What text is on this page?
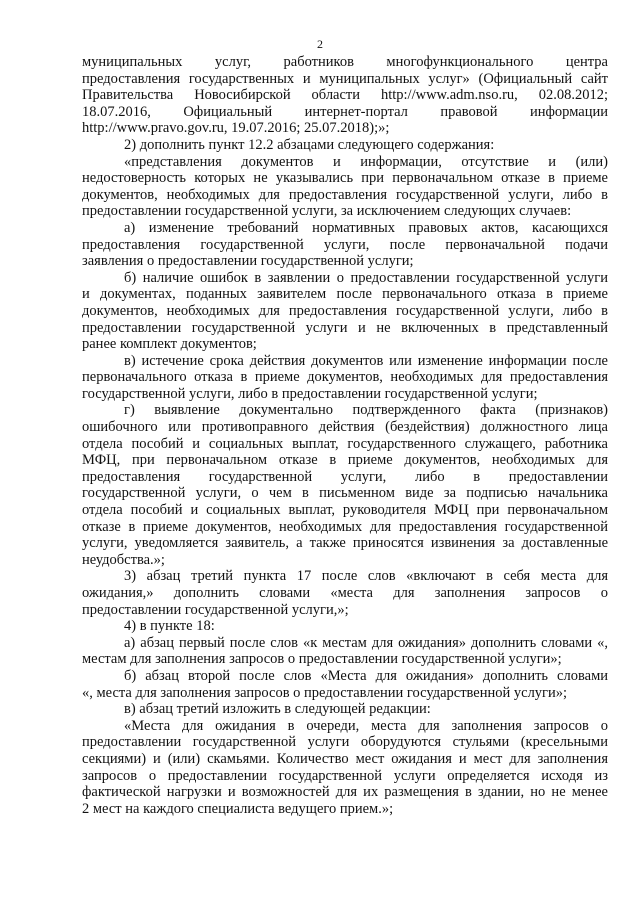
2
муниципальных услуг, работников многофункционального центра
предоставления государственных и муниципальных услуг» (Официальный сайт
Правительства Новосибирской области http://www.adm.nso.ru, 02.08.2012;
18.07.2016, Официальный интернет-портал правовой информации
http://www.pravo.gov.ru, 19.07.2016; 25.07.2018);»;
2) дополнить пункт 12.2 абзацами следующего содержания:
«представления документов и информации, отсутствие и (или)
недостоверность которых не указывались при первоначальном отказе в приеме
документов, необходимых для предоставления государственной услуги, либо в
предоставлении государственной услуги, за исключением следующих случаев:
а) изменение требований нормативных правовых актов, касающихся
предоставления государственной услуги, после первоначальной подачи
заявления о предоставлении государственной услуги;
б) наличие ошибок в заявлении о предоставлении государственной услуги
и документах, поданных заявителем после первоначального отказа в приеме
документов, необходимых для предоставления государственной услуги, либо в
предоставлении государственной услуги и не включенных в представленный
ранее комплект документов;
в) истечение срока действия документов или изменение информации после
первоначального отказа в приеме документов, необходимых для предоставления
государственной услуги, либо в предоставлении государственной услуги;
г) выявление документально подтвержденного факта (признаков)
ошибочного или противоправного действия (бездействия) должностного лица
отдела пособий и социальных выплат, государственного служащего, работника
МФЦ, при первоначальном отказе в приеме документов, необходимых для
предоставления государственной услуги, либо в предоставлении
государственной услуги, о чем в письменном виде за подписью начальника
отдела пособий и социальных выплат, руководителя МФЦ при первоначальном
отказе в приеме документов, необходимых для предоставления государственной
услуги, уведомляется заявитель, а также приносятся извинения за доставленные
неудобства.»;
3) абзац третий пункта 17 после слов «включают в себя места для
ожидания,» дополнить словами «места для заполнения запросов о
предоставлении государственной услуги,»;
4) в пункте 18:
а) абзац первый после слов «к местам для ожидания» дополнить словами «,
местам для заполнения запросов о предоставлении государственной услуги»;
б) абзац второй после слов «Места для ожидания» дополнить словами
«, места для заполнения запросов о предоставлении государственной услуги»;
в) абзац третий изложить в следующей редакции:
«Места для ожидания в очереди, места для заполнения запросов о
предоставлении государственной услуги оборудуются стульями (кресельными
секциями) и (или) скамьями. Количество мест ожидания и мест для заполнения
запросов о предоставлении государственной услуги определяется исходя из
фактической нагрузки и возможностей для их размещения в здании, но не менее
2 мест на каждого специалиста ведущего прием.»;
